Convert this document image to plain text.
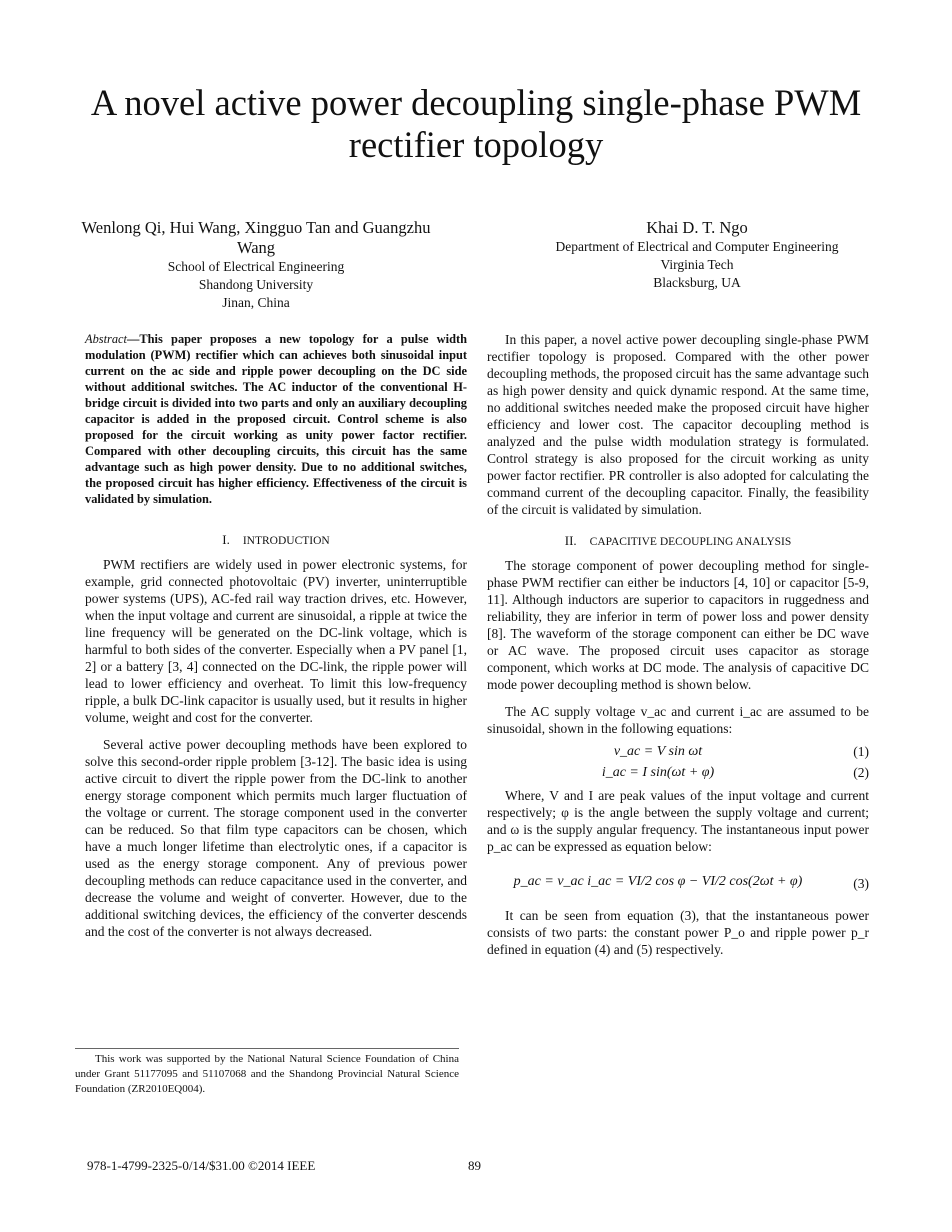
A novel active power decoupling single-phase PWM rectifier topology
Wenlong Qi, Hui Wang, Xingguo Tan and Guangzhu Wang
School of Electrical Engineering
Shandong University
Jinan, China
Khai D. T. Ngo
Department of Electrical and Computer Engineering
Virginia Tech
Blacksburg, UA

Abstract—This paper proposes a new topology for a pulse width modulation (PWM) rectifier which can achieves both sinusoidal input current on the ac side and ripple power decoupling on the DC side without additional switches. The AC inductor of the conventional H-bridge circuit is divided into two parts and only an auxiliary decoupling capacitor is added in the proposed circuit. Control scheme is also proposed for the circuit working as unity power factor rectifier. Compared with other decoupling circuits, this circuit has the same advantage such as high power density. Due to no additional switches, the proposed circuit has higher efficiency. Effectiveness of the circuit is validated by simulation.

I. INTRODUCTION

PWM rectifiers are widely used in power electronic systems, for example, grid connected photovoltaic (PV) inverter, uninterruptible power systems (UPS), AC-fed rail way traction drives, etc. However, when the input voltage and current are sinusoidal, a ripple at twice the line frequency will be generated on the DC-link voltage, which is harmful to both sides of the converter. Especially when a PV panel [1, 2] or a battery [3, 4] connected on the DC-link, the ripple power will lead to lower efficiency and overheat. To limit this low-frequency ripple, a bulk DC-link capacitor is usually used, but it results in higher volume, weight and cost for the converter.

Several active power decoupling methods have been explored to solve this second-order ripple problem [3-12]. The basic idea is using active circuit to divert the ripple power from the DC-link to another energy storage component which permits much larger fluctuation of the voltage or current. The storage component used in the converter can be reduced. So that film type capacitors can be chosen, which have a much longer lifetime than electrolytic ones, if a capacitor is used as the energy storage component. Any of previous power decoupling methods can reduce capacitance used in the converter, and decrease the volume and weight of converter. However, due to the additional switching devices, the efficiency of the converter descends and the cost of the converter is not always decreased.

In this paper, a novel active power decoupling single-phase PWM rectifier topology is proposed. Compared with the other power decoupling methods, the proposed circuit has the same advantage such as high power density and quick dynamic respond. At the same time, no additional switches needed make the proposed circuit have higher efficiency and lower cost. The capacitor decoupling method is analyzed and the pulse width modulation strategy is formulated. Control strategy is also proposed for the circuit working as unity power factor rectifier. PR controller is also adopted for calculating the command current of the decoupling capacitor. Finally, the feasibility of the circuit is validated by simulation.

II. CAPACITIVE DECOUPLING ANALYSIS

The storage component of power decoupling method for single-phase PWM rectifier can either be inductors [4, 10] or capacitor [5-9, 11]. Although inductors are superior to capacitors in ruggedness and reliability, they are inferior in term of power loss and power density [8]. The waveform of the storage component can either be DC wave or AC wave. The proposed circuit uses capacitor as storage component, which works at DC mode. The analysis of capacitive DC mode power decoupling method is shown below.

The AC supply voltage v_ac and current i_ac are assumed to be sinusoidal, shown in the following equations:

v_ac = V sin ωt	(1)
i_ac = I sin(ωt + φ)	(2)

Where, V and I are peak values of the input voltage and current respectively; φ is the angle between the supply voltage and current; and ω is the supply angular frequency. The instantaneous input power p_ac can be expressed as equation below:

p_ac = v_ac i_ac = VI/2 cos φ − VI/2 cos(2ωt + φ)	(3)

It can be seen from equation (3), that the instantaneous power consists of two parts: the constant power P_o and ripple power p_r defined in equation (4) and (5) respectively.

This work was supported by the National Natural Science Foundation of China under Grant 51177095 and 51107068 and the Shandong Provincial Natural Science Foundation (ZR2010EQ004).
978-1-4799-2325-0/14/$31.00 ©2014 IEEE	89
